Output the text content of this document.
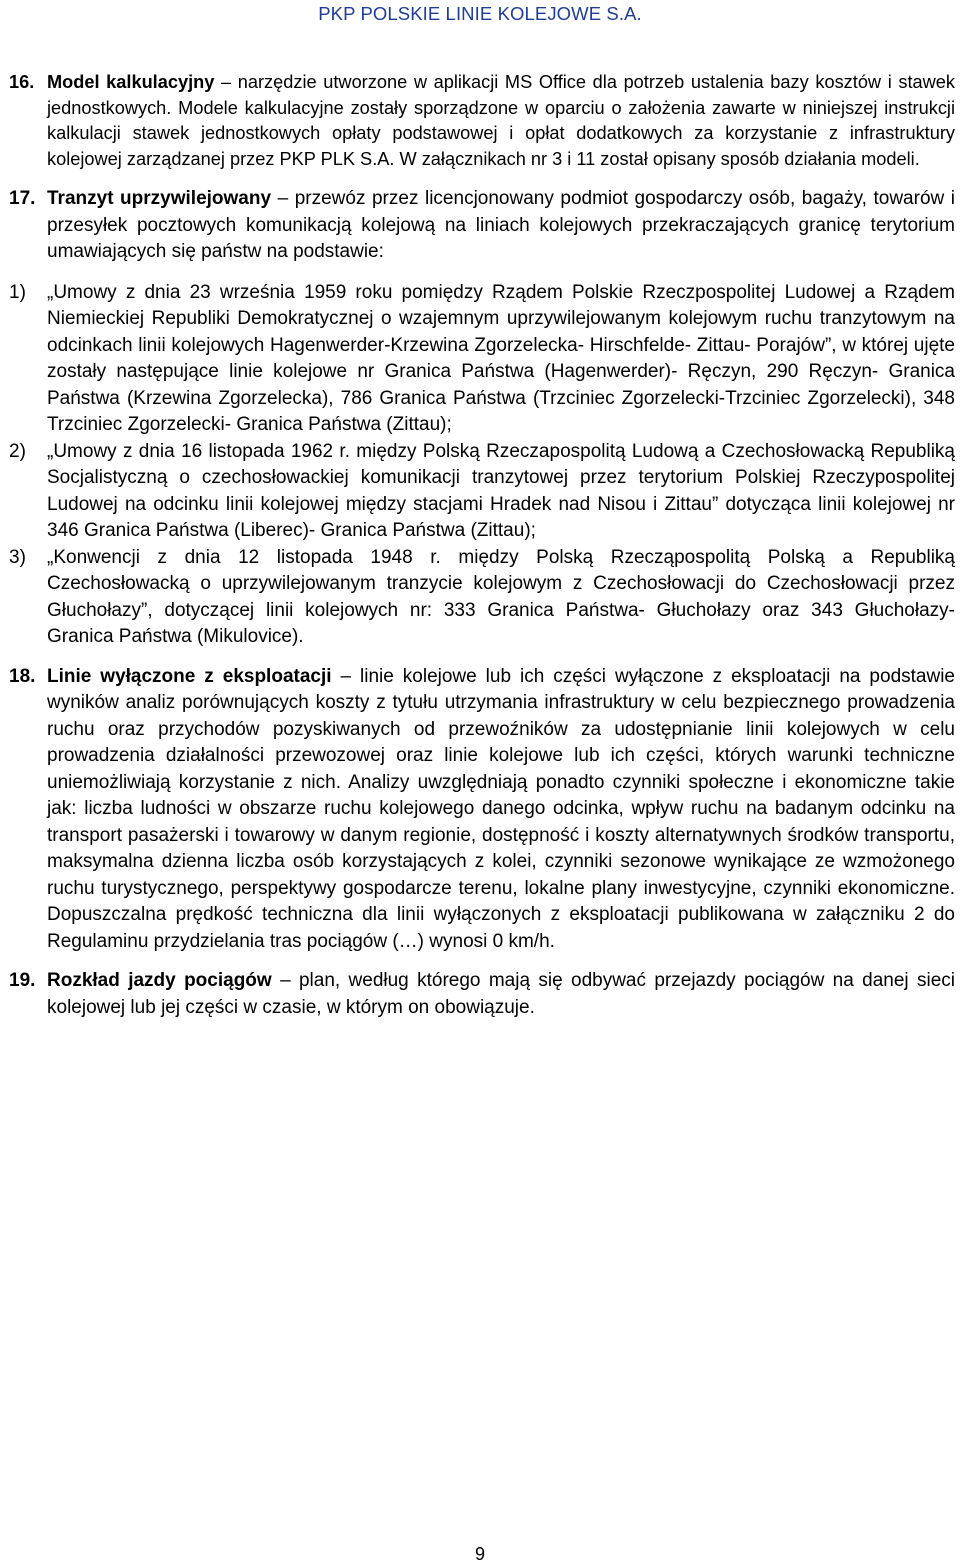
PKP POLSKIE LINIE KOLEJOWE S.A.

16. Model kalkulacyjny – narzędzie utworzone w aplikacji MS Office dla potrzeb ustalenia bazy kosztów i stawek jednostkowych. Modele kalkulacyjne zostały sporządzone w oparciu o założenia zawarte w niniejszej instrukcji kalkulacji stawek jednostkowych opłaty podstawowej i opłat dodatkowych za korzystanie z infrastruktury kolejowej zarządzanej przez PKP PLK S.A. W załącznikach nr 3 i 11 został opisany sposób działania modeli.

17. Tranzyt uprzywilejowany – przewóz przez licencjonowany podmiot gospodarczy osób, bagaży, towarów i przesyłek pocztowych komunikacją kolejową na liniach kolejowych przekraczających granicę terytorium umawiających się państw na podstawie:
1) „Umowy z dnia 23 września 1959 roku pomiędzy Rządem Polskie Rzeczpospolitej Ludowej a Rządem Niemieckiej Republiki Demokratycznej o wzajemnym uprzywilejowanym kolejowym ruchu tranzytowym na odcinkach linii kolejowych Hagenwerder-Krzewina Zgorzelecka- Hirschfelde- Zittau- Porajów”, w której ujęte zostały następujące linie kolejowe nr Granica Państwa (Hagenwerder)- Ręczyn, 290 Ręczyn- Granica Państwa (Krzewina Zgorzelecka), 786 Granica Państwa (Trzciniec Zgorzelecki-Trzciniec Zgorzelecki), 348 Trzciniec Zgorzelecki- Granica Państwa (Zittau);
2) „Umowy z dnia 16 listopada 1962 r. między Polską Rzeczapospolitą Ludową a Czechosłowacką Republiką Socjalistyczną o czechosłowackiej komunikacji tranzytowej przez terytorium Polskiej Rzeczypospolitej Ludowej na odcinku linii kolejowej między stacjami Hradek nad Nisou i Zittau” dotycząca linii kolejowej nr 346 Granica Państwa (Liberec)- Granica Państwa (Zittau);
3) „Konwencji z dnia 12 listopada 1948 r. między Polską Rzecząpospolitą Polską a Republiką Czechosłowacką o uprzywilejowanym tranzycie kolejowym z Czechosłowacji do Czechosłowacji przez Głuchołazy”, dotyczącej linii kolejowych nr: 333 Granica Państwa- Głuchołazy oraz 343 Głuchołazy- Granica Państwa (Mikulovice).

18. Linie wyłączone z eksploatacji – linie kolejowe lub ich części wyłączone z eksploatacji na podstawie wyników analiz porównujących koszty z tytułu utrzymania infrastruktury w celu bezpiecznego prowadzenia ruchu oraz przychodów pozyskiwanych od przewoźników za udostępnianie linii kolejowych w celu prowadzenia działalności przewozowej oraz linie kolejowe lub ich części, których warunki techniczne uniemożliwiają korzystanie z nich. Analizy uwzględniają ponadto czynniki społeczne i ekonomiczne takie jak: liczba ludności w obszarze ruchu kolejowego danego odcinka, wpływ ruchu na badanym odcinku na transport pasażerski i towarowy w danym regionie, dostępność i koszty alternatywnych środków transportu, maksymalna dzienna liczba osób korzystających z kolei, czynniki sezonowe wynikające ze wzmożonego ruchu turystycznego, perspektywy gospodarcze terenu, lokalne plany inwestycyjne, czynniki ekonomiczne. Dopuszczalna prędkość techniczna dla linii wyłączonych z eksploatacji publikowana w załączniku 2 do Regulaminu przydzielania tras pociągów (…) wynosi 0 km/h.

19. Rozkład jazdy pociągów – plan, według którego mają się odbywać przejazdy pociągów na danej sieci kolejowej lub jej części w czasie, w którym on obowiązuje.

9
